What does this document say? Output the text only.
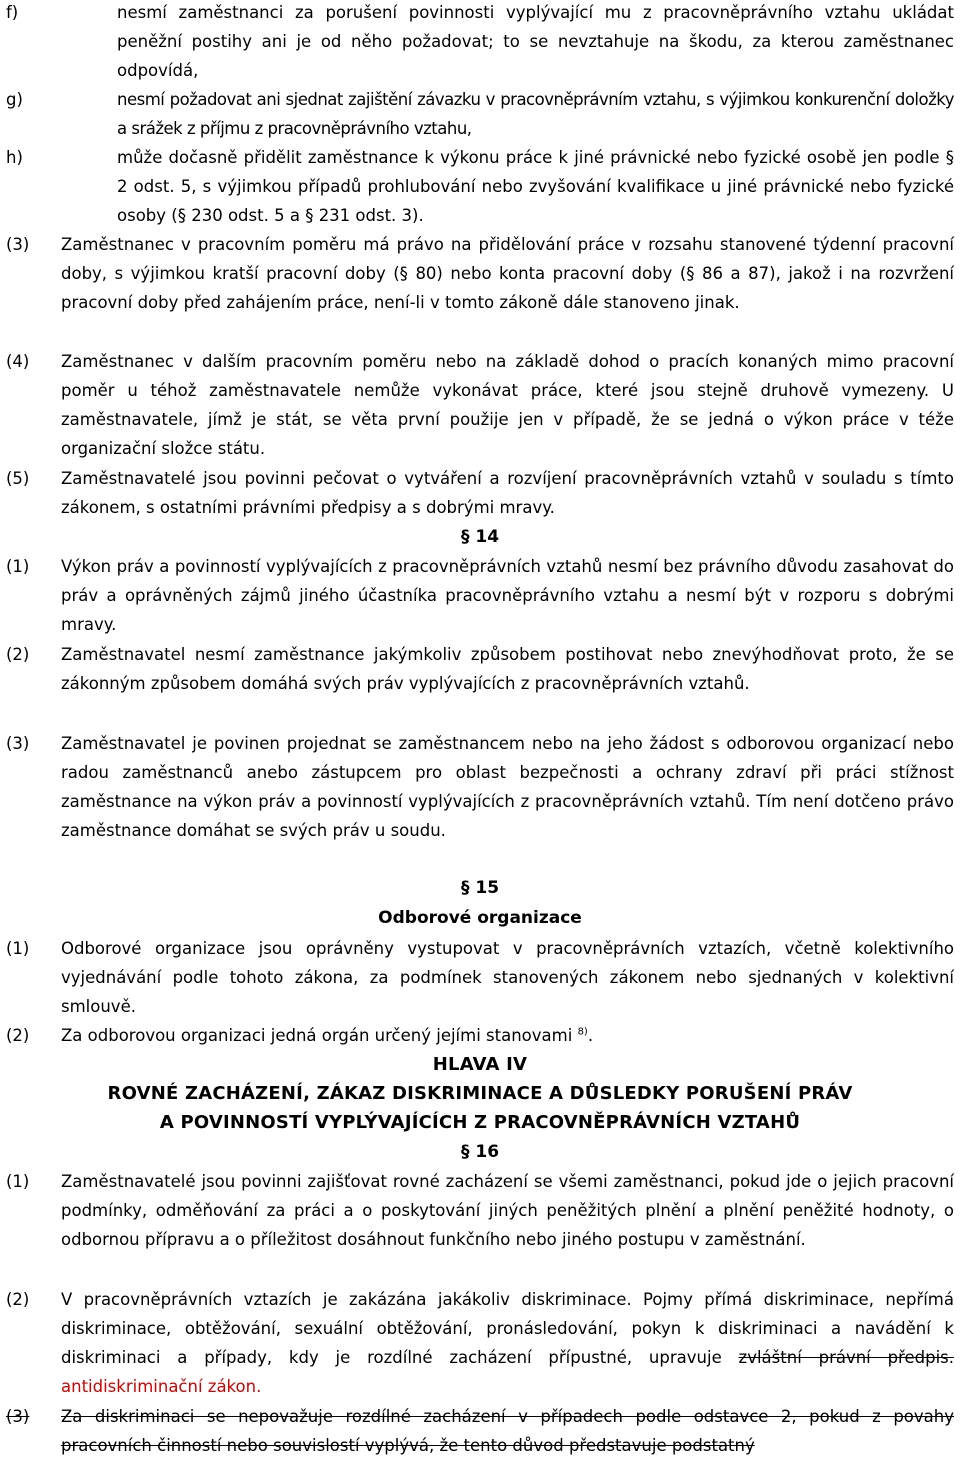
f)	nesmí zaměstnanci za porušení povinnosti vyplývající mu z pracovněprávního vztahu ukládat peněžní postihy ani je od něho požadovat; to se nevztahuje na škodu, za kterou zaměstnanec odpovídá,
g)	nesmí požadovat ani sjednat zajištění závazku v pracovněprávním vztahu, s výjimkou konkurenční doložky a srážek z příjmu z pracovněprávního vztahu,
h)	může dočasně přidělit zaměstnance k výkonu práce k jiné právnické nebo fyzické osobě jen podle § 2 odst. 5, s výjimkou případů prohlubování nebo zvyšování kvalifikace u jiné právnické nebo fyzické osoby (§ 230 odst. 5 a § 231 odst. 3).
(3) Zaměstnanec v pracovním poměru má právo na přidělování práce v rozsahu stanovené týdenní pracovní doby, s výjimkou kratší pracovní doby (§ 80) nebo konta pracovní doby (§ 86 a 87), jakož i na rozvržení pracovní doby před zahájením práce, není-li v tomto zákoně dále stanoveno jinak.
(4) Zaměstnanec v dalším pracovním poměru nebo na základě dohod o pracích konaných mimo pracovní poměr u téhož zaměstnavatele nemůže vykonávat práce, které jsou stejně druhově vymezeny. U zaměstnavatele, jímž je stát, se věta první použije jen v případě, že se jedná o výkon práce v téže organizační složce státu.
(5) Zaměstnavatelé jsou povinni pečovat o vytváření a rozvíjení pracovněprávních vztahů v souladu s tímto zákonem, s ostatními právními předpisy a s dobrými mravy.
§ 14
(1) Výkon práv a povinností vyplývajících z pracovněprávních vztahů nesmí bez právního důvodu zasahovat do práv a oprávněných zájmů jiného účastníka pracovněprávního vztahu a nesmí být v rozporu s dobrými mravy.
(2) Zaměstnavatel nesmí zaměstnance jakýmkoliv způsobem postihovat nebo znevýhodňovat proto, že se zákonným způsobem domáhá svých práv vyplývajících z pracovněprávních vztahů.
(3) Zaměstnavatel je povinen projednat se zaměstnancem nebo na jeho žádost s odborovou organizací nebo radou zaměstnanců anebo zástupcem pro oblast bezpečnosti a ochrany zdraví při práci stížnost zaměstnance na výkon práv a povinností vyplývajících z pracovněprávních vztahů. Tím není dotčeno právo zaměstnance domáhat se svých práv u soudu.
§ 15
Odborové organizace
(1) Odborové organizace jsou oprávněny vystupovat v pracovněprávních vztazích, včetně kolektivního vyjednávání podle tohoto zákona, za podmínek stanovených zákonem nebo sjednaných v kolektivní smlouvě.
(2) Za odborovou organizaci jedná orgán určený jejími stanovami $^{8)}$.
HLAVA IV
ROVNÉ ZACHÁZENÍ, ZÁKAZ DISKRIMINACE A DŮSLEDKY PORUŠENÍ PRÁV
A POVINNOSTÍ VYPLÝVAJÍCÍCH Z PRACOVNĚPRÁVNÍCH VZTAHŮ
§ 16
(1) Zaměstnavatelé jsou povinni zajišťovat rovné zacházení se všemi zaměstnanci, pokud jde o jejich pracovní podmínky, odměňování za práci a o poskytování jiných peněžitých plnění a plnění peněžité hodnoty, o odbornou přípravu a o příležitost dosáhnout funkčního nebo jiného postupu v zaměstnání.
(2) V pracovněprávních vztazích je zakázána jakákoliv diskriminace. Pojmy přímá diskriminace, nepřímá diskriminace, obtěžování, sexuální obtěžování, pronásledování, pokyn k diskriminaci a navádění k diskriminaci a případy, kdy je rozdílné zacházení přípustné, upravuje zvláštní právní předpis. antidiskriminační zákon.
(3) Za diskriminaci se nepovažuje rozdílné zacházení v případech podle odstavce 2, pokud z povahy pracovních činností nebo souvislostí vyplývá, že tento důvod představuje podstatný
